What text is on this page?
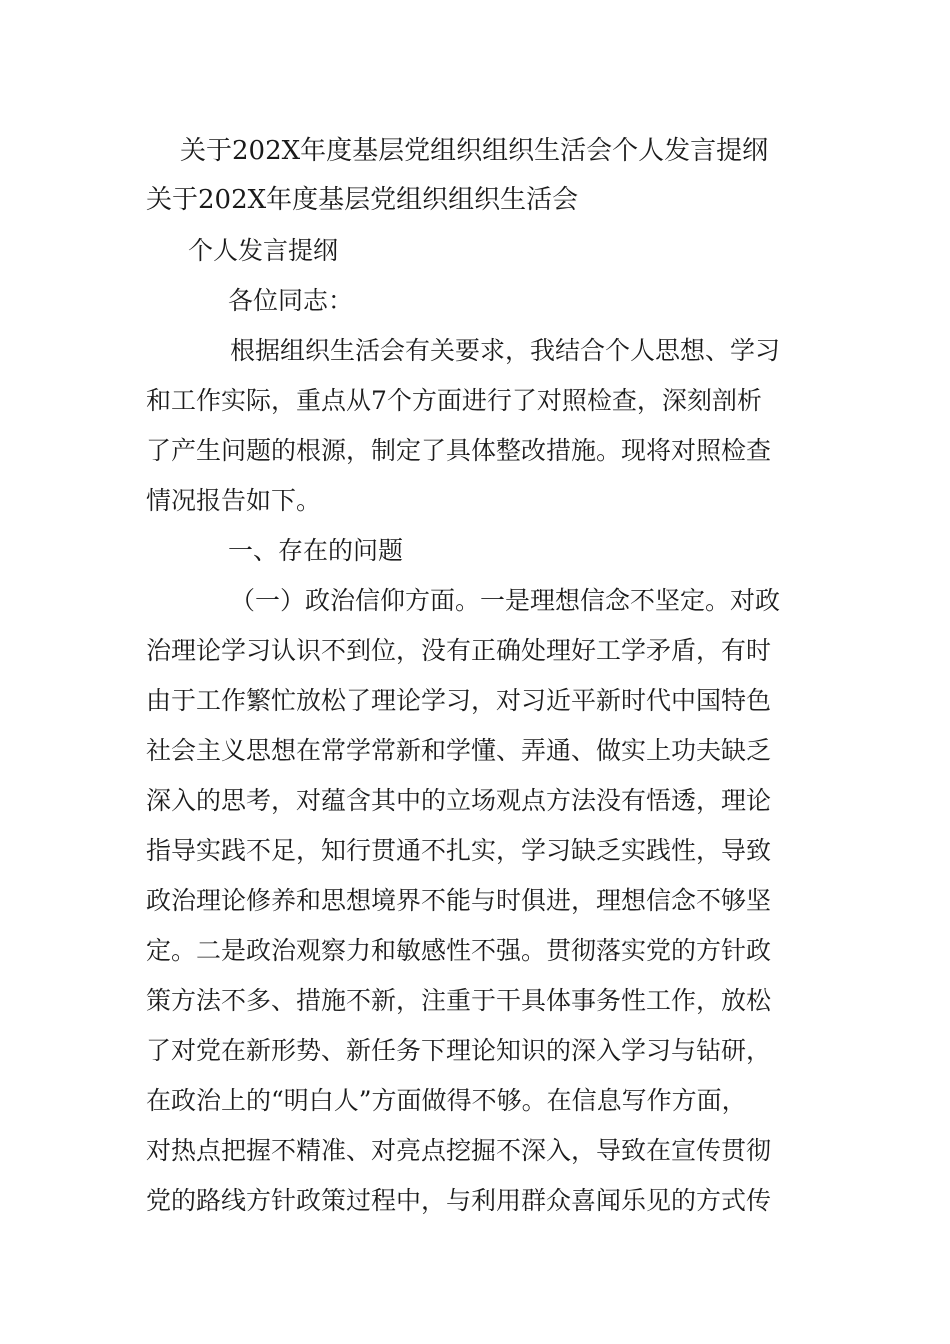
关于202X年度基层党组织组织生活会个人发言提纲
关于202X年度基层党组织组织生活会
个人发言提纲
各位同志：
根据组织生活会有关要求，我结合个人思想、学习
和工作实际，重点从7个方面进行了对照检查，深刻剖析
了产生问题的根源，制定了具体整改措施。现将对照检查
情况报告如下。
一、存在的问题
（一）政治信仰方面。一是理想信念不坚定。对政
治理论学习认识不到位，没有正确处理好工学矛盾，有时
由于工作繁忙放松了理论学习，对习近平新时代中国特色
社会主义思想在常学常新和学懂、弄通、做实上功夫缺乏
深入的思考，对蕴含其中的立场观点方法没有悟透，理论
指导实践不足，知行贯通不扎实，学习缺乏实践性，导致
政治理论修养和思想境界不能与时俱进，理想信念不够坚
定。二是政治观察力和敏感性不强。贯彻落实党的方针政
策方法不多、措施不新，注重于干具体事务性工作，放松
了对党在新形势、新任务下理论知识的深入学习与钻研，
在政治上的“明白人”方面做得不够。在信息写作方面，
对热点把握不精准、对亮点挖掘不深入，导致在宣传贯彻
党的路线方针政策过程中，与利用群众喜闻乐见的方式传
